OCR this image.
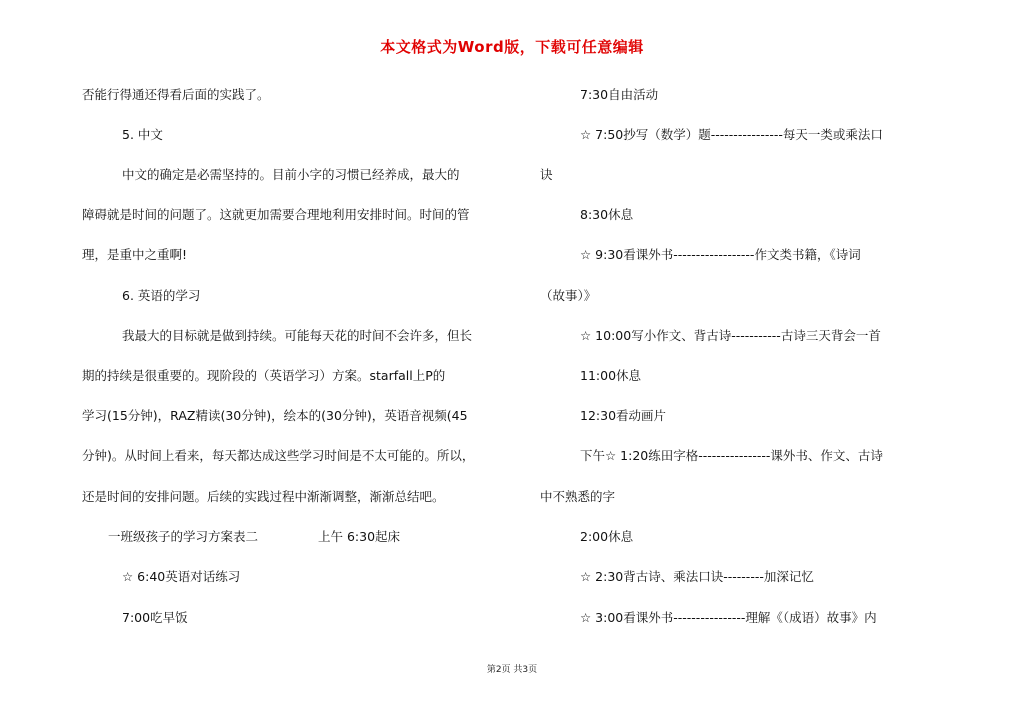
本文格式为Word版，下载可任意编辑
否能行得通还得看后面的实践了。
5. 中文
中文的确定是必需坚持的。目前小字的习惯已经养成，最大的
障碍就是时间的问题了。这就更加需要合理地利用安排时间。时间的管
理，是重中之重啊!
6. 英语的学习
我最大的目标就是做到持续。可能每天花的时间不会许多，但长
期的持续是很重要的。现阶段的（英语学习）方案。starfall上P的
学习(15分钟)，RAZ精读(30分钟)，绘本的(30分钟)，英语音视频(45
分钟)。从时间上看来，每天都达成这些学习时间是不太可能的。所以，
还是时间的安排问题。后续的实践过程中渐渐调整，渐渐总结吧。
一班级孩子的学习方案表二	上午 6:30起床
☆ 6:40英语对话练习
7:00吃早饭
7:30自由活动
☆ 7:50抄写（数学）题----------------每天一类或乘法口
诀
8:30休息
☆ 9:30看课外书------------------作文类书籍，《诗词
（故事）》
☆ 10:00写小作文、背古诗-----------古诗三天背会一首
11:00休息
12:30看动画片
下午☆ 1:20练田字格----------------课外书、作文、古诗
中不熟悉的字
2:00休息
☆ 2:30背古诗、乘法口诀---------加深记忆
☆ 3:00看课外书----------------理解《（成语）故事》内
第2页 共3页
